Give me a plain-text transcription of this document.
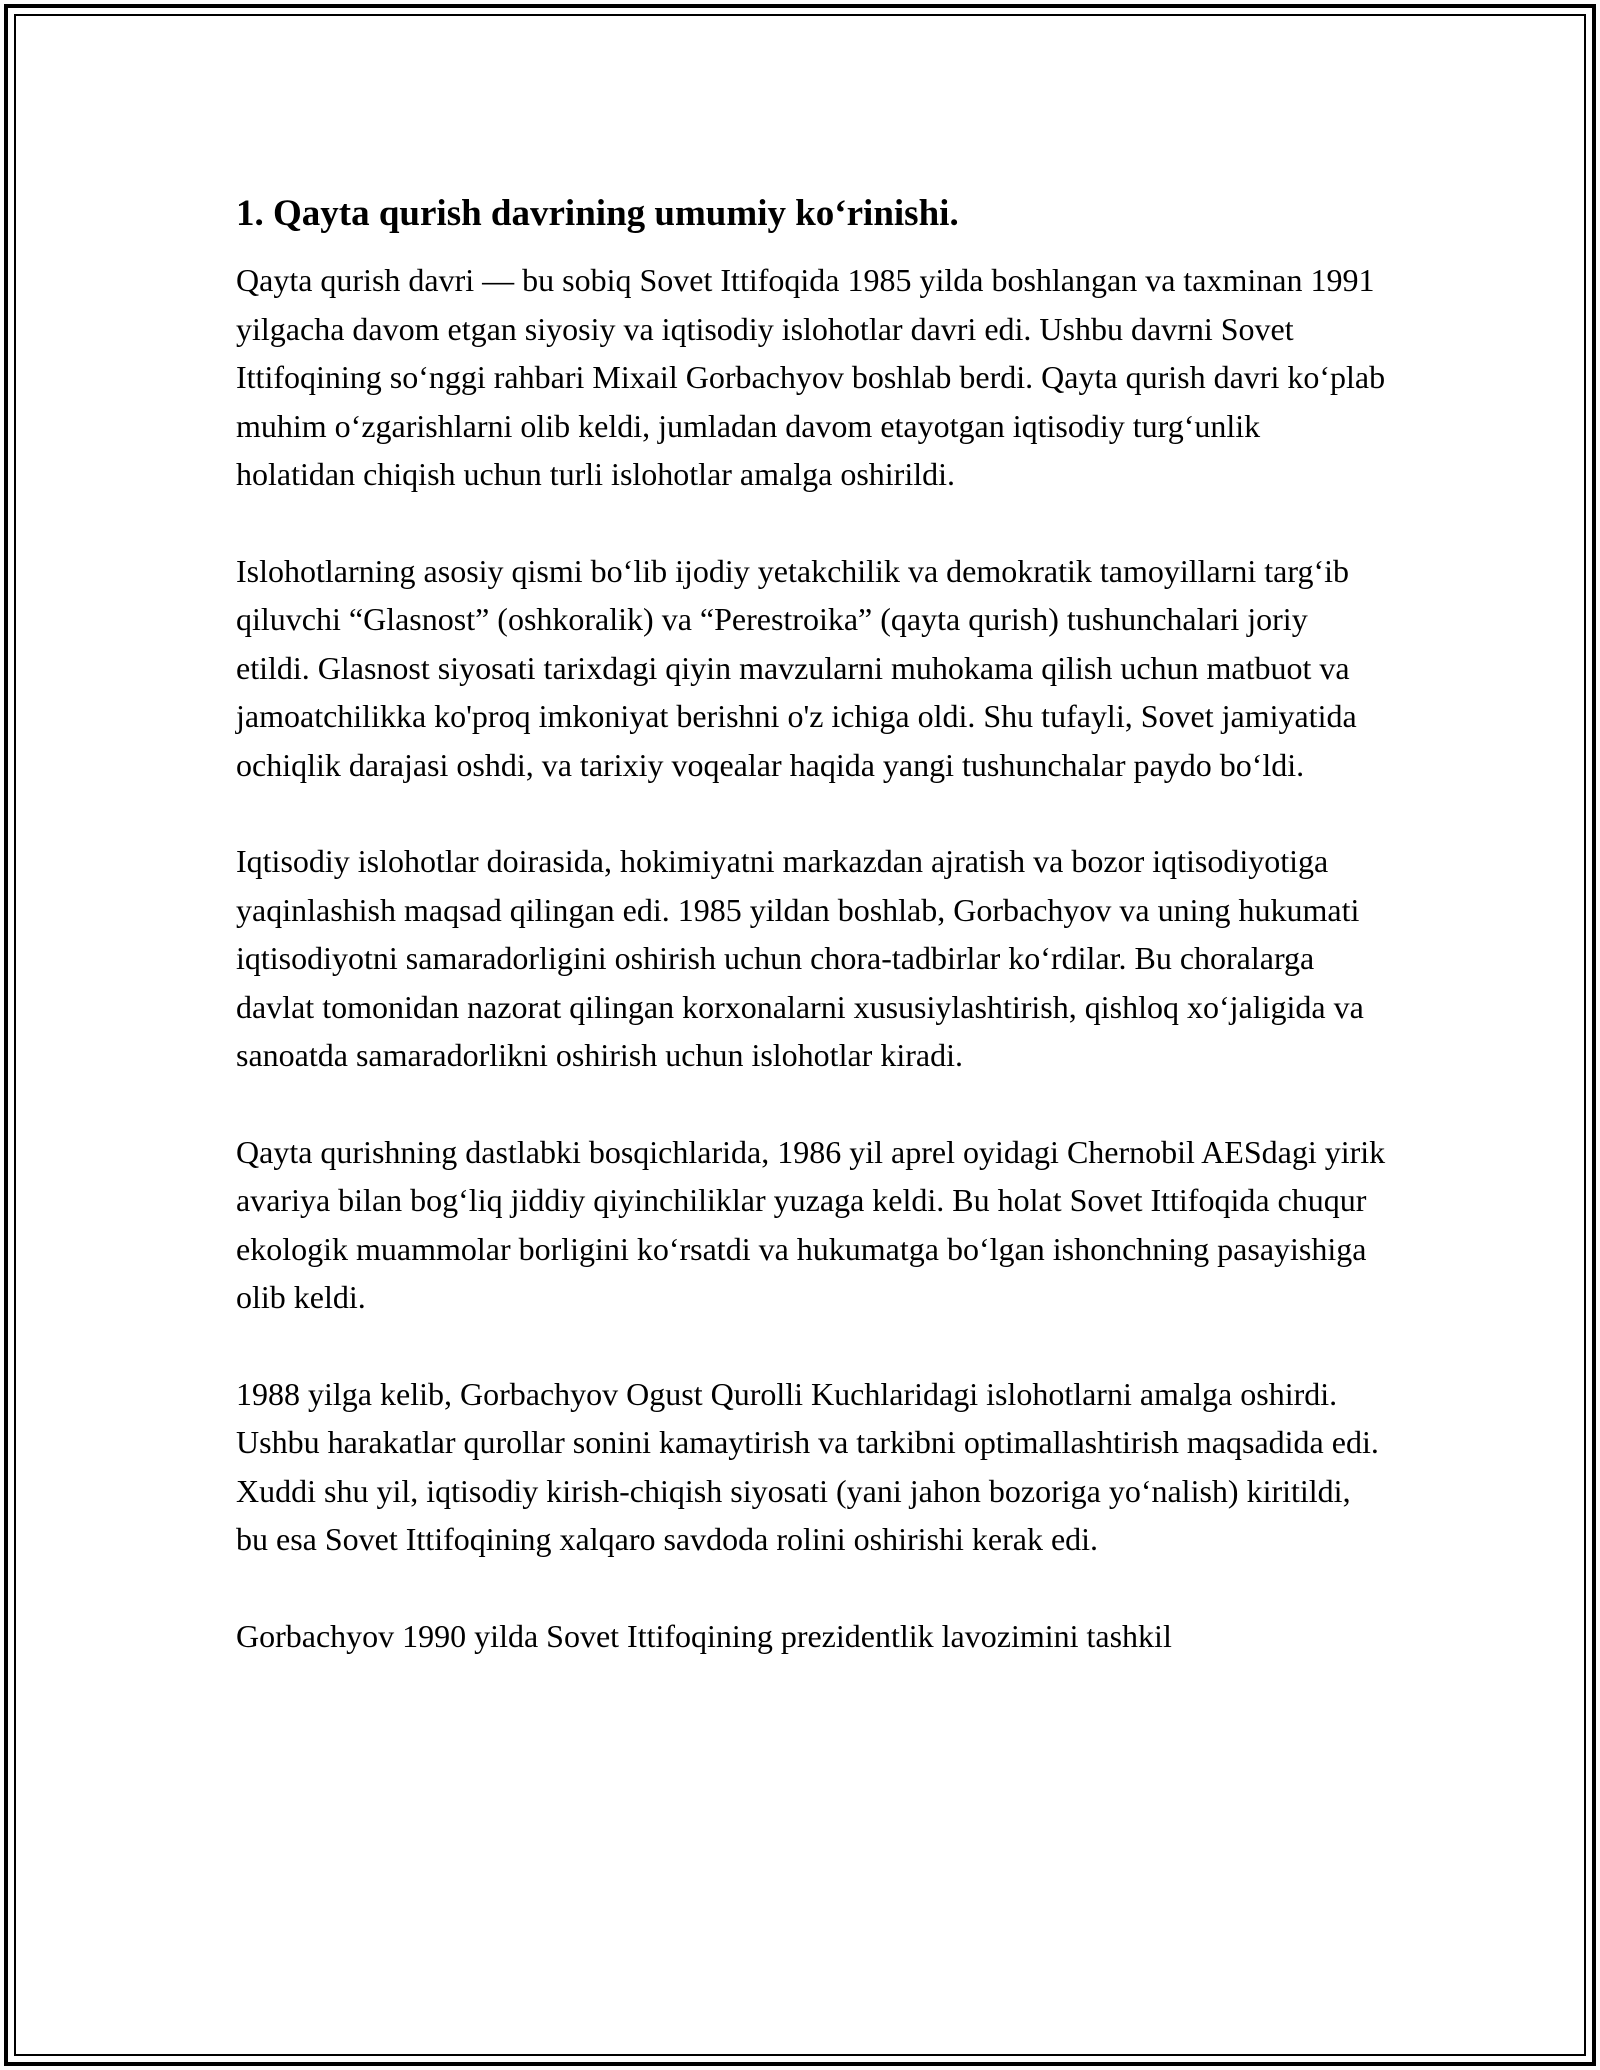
1. Qayta qurish davrining umumiy ko‘rinishi.

Qayta qurish davri — bu sobiq Sovet Ittifoqida 1985 yilda boshlangan va taxminan 1991 yilgacha davom etgan siyosiy va iqtisodiy islohotlar davri edi. Ushbu davrni Sovet Ittifoqining so‘nggi rahbari Mixail Gorbachyov boshlab berdi. Qayta qurish davri ko‘plab muhim o‘zgarishlarni olib keldi, jumladan davom etayotgan iqtisodiy turg‘unlik holatidan chiqish uchun turli islohotlar amalga oshirildi.

Islohotlarning asosiy qismi bo‘lib ijodiy yetakchilik va demokratik tamoyillarni targ‘ib qiluvchi “Glasnost” (oshkoralik) va “Perestroika” (qayta qurish) tushunchalari joriy etildi. Glasnost siyosati tarixdagi qiyin mavzularni muhokama qilish uchun matbuot va jamoatchilikka ko'proq imkoniyat berishni o'z ichiga oldi. Shu tufayli, Sovet jamiyatida ochiqlik darajasi oshdi, va tarixiy voqealar haqida yangi tushunchalar paydo bo‘ldi.

Iqtisodiy islohotlar doirasida, hokimiyatni markazdan ajratish va bozor iqtisodiyotiga yaqinlashish maqsad qilingan edi. 1985 yildan boshlab, Gorbachyov va uning hukumati iqtisodiyotni samaradorligini oshirish uchun chora-tadbirlar ko‘rdilar. Bu choralarga davlat tomonidan nazorat qilingan korxonalarni xususiylashtirish, qishloq xo‘jaligida va sanoatda samaradorlikni oshirish uchun islohotlar kiradi.

Qayta qurishning dastlabki bosqichlarida, 1986 yil aprel oyidagi Chernobil AESdagi yirik avariya bilan bog‘liq jiddiy qiyinchiliklar yuzaga keldi. Bu holat Sovet Ittifoqida chuqur ekologik muammolar borligini ko‘rsatdi va hukumatga bo‘lgan ishonchning pasayishiga olib keldi.

1988 yilga kelib, Gorbachyov Ogust Qurolli Kuchlaridagi islohotlarni amalga oshirdi. Ushbu harakatlar qurollar sonini kamaytirish va tarkibni optimallashtirish maqsadida edi. Xuddi shu yil, iqtisodiy kirish-chiqish siyosati (yani jahon bozoriga yo‘nalish) kiritildi, bu esa Sovet Ittifoqining xalqaro savdoda rolini oshirishi kerak edi.

Gorbachyov 1990 yilda Sovet Ittifoqining prezidentlik lavozimini tashkil
